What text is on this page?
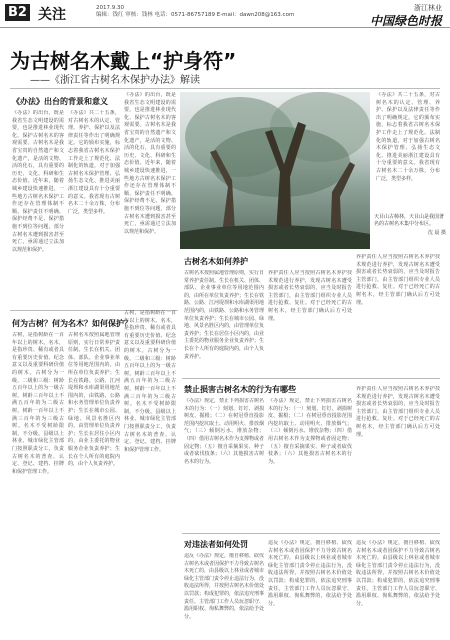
B2 关注	2017.9.30
编辑：钱红 审核：钱林 电话：0571-86757189 E-mail：dawn208@163.com
浙江林业
中国绿色时报
为古树名木戴上“护身符”
——《浙江省古树名木保护办法》解读
《办法》出台的背景和意义
《办法》的出台，既是我省生态文明建设的需要，也是推进林业现代化、保护古树名木的客观需要。古树名木是我省宝贵的自然遗产和文化遗产，是活的文物、活的化石，具有重要的历史、文化、科研和生态价值。近年来，随着城乡建设快速推进，一些地方古树名木保护工作还存在管理体制不顺、保护责任不明确、保护经费不足、保护措施不到位等问题，部分古树名木遭到损害甚至死亡，亟需通过立法加以规范和保护。
《办法》共二十五条，对古树名木的认定、管理、养护、保护以及法律责任等作出了明确规定。它的颁布实施，标志着我省古树名木保护工作走上了规范化、法制化的轨道，对于加强古树名木保护管理、弘扬生态文化、推进美丽浙江建设具有十分重要的意义。我省现有古树名木二十余万株，分布广泛，类型多样。
《办法》的出台，既是我省生态文明建设的需要，也是推进林业现代化、保护古树名木的客观需要。古树名木是我省宝贵的自然遗产和文化遗产，是活的文物、活的化石，具有重要的历史、文化、科研和生态价值。近年来，随着城乡建设快速推进，一些地方古树名木保护工作还存在管理体制不顺、保护责任不明确、保护经费不足、保护措施不到位等问题，部分古树名木遭到损害甚至死亡，亟需通过立法加以规范和保护。
天目山古樟林，天目山是我国著名的古树名木集中分布区。
沈 晨 摄
《办法》共二十五条，对古树名木的认定、管理、养护、保护以及法律责任等作出了明确规定。它的颁布实施，标志着我省古树名木保护工作走上了规范化、法制化的轨道，对于加强古树名木保护管理、弘扬生态文化、推进美丽浙江建设具有十分重要的意义。我省现有古树名木二十余万株，分布广泛，类型多样。
何为古树？何为名木？如何保护？
古树，是指树龄在一百年以上的树木。名木，是指珍贵、稀有或者具有重要历史价值、纪念意义以及重要科研价值的树木。古树分为一级、二级和三级：树龄五百年以上的为一级古树，树龄三百年以上不满五百年的为二级古树，树龄一百年以上不满三百年的为三级古树。名木不受树龄限制，不分级。县级以上林业、城市绿化主管部门按照职责分工，负责古树名木的普查、认定、登记、建档、挂牌和保护管理工作。
古树名木按照属地管理原则，实行日常养护责任制。生长在机关、团体、部队、企业事业单位等用地范围内的，由所在单位负责养护；生长在铁路、公路、江河堤坝和水库湖渠用地范围内的，由铁路、公路和水务管理单位负责养护；生长在城市公园、绿地、风景名胜区内的，由管理单位负责养护；生长在居住小区内的，由业主委托的物业服务企业负责养护；生长在个人所有的庭院内的，由个人负责养护。
古树，是指树龄在一百年以上的树木。名木，是指珍贵、稀有或者具有重要历史价值、纪念意义以及重要科研价值的树木。古树分为一级、二级和三级：树龄五百年以上的为一级古树，树龄三百年以上不满五百年的为二级古树，树龄一百年以上不满三百年的为三级古树。名木不受树龄限制，不分级。县级以上林业、城市绿化主管部门按照职责分工，负责古树名木的普查、认定、登记、建档、挂牌和保护管理工作。
古树名木如何养护
古树名木按照属地管理原则，实行日常养护责任制。生长在机关、团体、部队、企业事业单位等用地范围内的，由所在单位负责养护；生长在铁路、公路、江河堤坝和水库湖渠用地范围内的，由铁路、公路和水务管理单位负责养护；生长在城市公园、绿地、风景名胜区内的，由管理单位负责养护；生长在居住小区内的，由业主委托的物业服务企业负责养护；生长在个人所有的庭院内的，由个人负责养护。
养护责任人应当按照古树名木养护技术规范进行养护，发现古树名木遭受损害或者长势衰弱的，应当及时报告主管部门，由主管部门组织专业人员进行抢救、复壮。对于已经死亡的古树名木，经主管部门确认后方可处理。
养护责任人应当按照古树名木养护技术规范进行养护，发现古树名木遭受损害或者长势衰弱的，应当及时报告主管部门，由主管部门组织专业人员进行抢救、复壮。对于已经死亡的古树名木，经主管部门确认后方可处理。
禁止损害古树名木的行为有哪些
《办法》规定，禁止下列损害古树名木的行为：（一）刻划、钉钉、剥损树皮、掘根；（二）在树冠垂直投影范围内挖坑取土、动用明火、排放烟气；（三）倾倒污水、堆放杂物；（四）借用古树名木作为支撑物或者固定物；（五）擅自采摘果实、种子或者砍伐枝条；（六）其他损害古树名木的行为。
《办法》规定，禁止下列损害古树名木的行为：（一）刻划、钉钉、剥损树皮、掘根；（二）在树冠垂直投影范围内挖坑取土、动用明火、排放烟气；（三）倾倒污水、堆放杂物；（四）借用古树名木作为支撑物或者固定物；（五）擅自采摘果实、种子或者砍伐枝条；（六）其他损害古树名木的行为。
养护责任人应当按照古树名木养护技术规范进行养护，发现古树名木遭受损害或者长势衰弱的，应当及时报告主管部门，由主管部门组织专业人员进行抢救、复壮。对于已经死亡的古树名木，经主管部门确认后方可处理。
对违法者如何处罚
违反《办法》规定，擅自移植、砍伐古树名木或者因保护不力导致古树名木死亡的，由县级以上林业或者城市绿化主管部门责令停止违法行为，没收违法所得，并按照古树名木价值处以罚款；构成犯罪的，依法追究刑事责任。主管部门工作人员玩忽职守、滥用职权、徇私舞弊的，依法给予处分。
违反《办法》规定，擅自移植、砍伐古树名木或者因保护不力导致古树名木死亡的，由县级以上林业或者城市绿化主管部门责令停止违法行为，没收违法所得，并按照古树名木价值处以罚款；构成犯罪的，依法追究刑事责任。主管部门工作人员玩忽职守、滥用职权、徇私舞弊的，依法给予处分。
违反《办法》规定，擅自移植、砍伐古树名木或者因保护不力导致古树名木死亡的，由县级以上林业或者城市绿化主管部门责令停止违法行为，没收违法所得，并按照古树名木价值处以罚款；构成犯罪的，依法追究刑事责任。主管部门工作人员玩忽职守、滥用职权、徇私舞弊的，依法给予处分。
